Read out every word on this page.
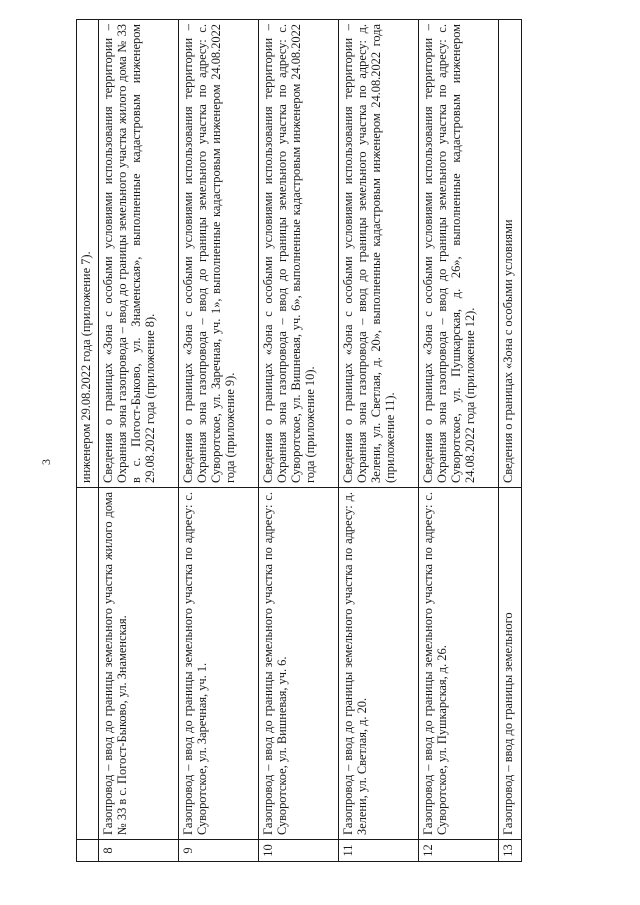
3

		инженером 29.08.2022 года (приложение 7).

8	Газопровод – ввод до границы земельного участка жилого дома № 33 в с. Погост-Быково, ул. Знаменская.	Сведения о границах «Зона с особыми условиями использования территории – Охранная зона газопровода – ввод до границы земельного участка жилого дома № 33 в с. Погост-Быково, ул. Знаменская», выполненные кадастровым инженером 29.08.2022 года (приложение 8).
9	Газопровод – ввод до границы земельного участка по адресу: с. Суворотское, ул. Заречная, уч. 1.	Сведения о границах «Зона с особыми условиями использования территории – Охранная зона газопровода – ввод до границы земельного участка по адресу: с. Суворотское, ул. Заречная, уч. 1», выполненные кадастровым инженером 24.08.2022 года (приложение 9).
10	Газопровод – ввод до границы земельного участка по адресу: с. Суворотское, ул. Вишневая, уч. 6.	Сведения о границах «Зона с особыми условиями использования территории – Охранная зона газопровода – ввод до границы земельного участка по адресу: с. Суворотское, ул. Вишневая, уч. 6», выполненные кадастровым инженером 24.08.2022 года (приложение 10).
11	Газопровод – ввод до границы земельного участка по адресу: д. Зелени, ул. Светлая, д. 20.	Сведения о границах «Зона с особыми условиями использования территории – Охранная зона газопровода – ввод до границы земельного участка по адресу: д. Зелени, ул. Светлая, д. 20», выполненные кадастровым инженером 24.08.2022 года (приложение 11).
12	Газопровод – ввод до границы земельного участка по адресу: с. Суворотское, ул. Пушкарская, д. 26.	Сведения о границах «Зона с особыми условиями использования территории – Охранная зона газопровода – ввод до границы земельного участка по адресу: с. Суворотское, ул. Пушкарская, д. 26», выполненные кадастровым инженером 24.08.2022 года (приложение 12).
13	Газопровод – ввод до границы земельного	Сведения о границах «Зона с особыми условиями
